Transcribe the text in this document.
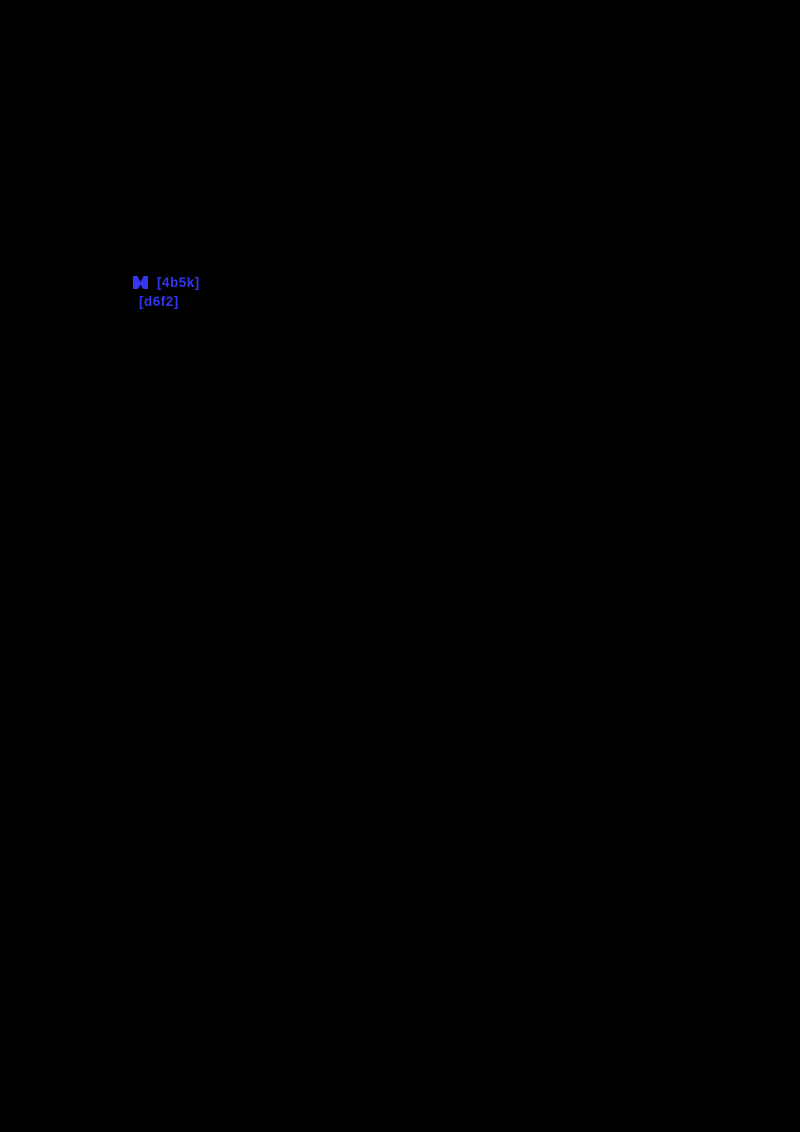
[4b5k]
[d6f2]
